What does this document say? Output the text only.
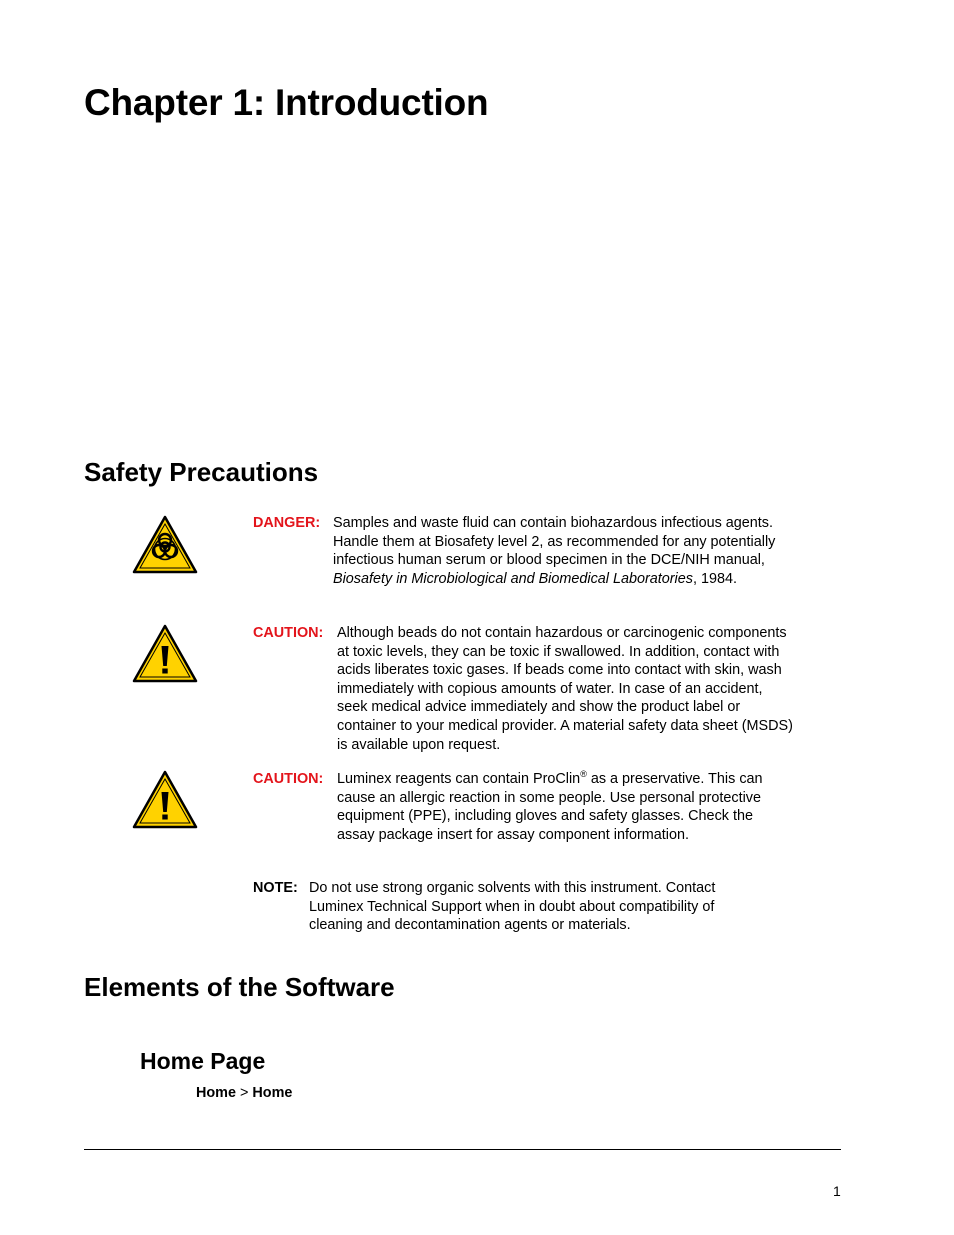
Chapter 1: Introduction
Safety Precautions
DANGER: Samples and waste fluid can contain biohazardous infectious agents. Handle them at Biosafety level 2, as recommended for any potentially infectious human serum or blood specimen in the DCE/NIH manual, Biosafety in Microbiological and Biomedical Laboratories, 1984.

CAUTION: Although beads do not contain hazardous or carcinogenic components at toxic levels, they can be toxic if swallowed. In addition, contact with acids liberates toxic gases. If beads come into contact with skin, wash immediately with copious amounts of water. In case of an accident, seek medical advice immediately and show the product label or container to your medical provider. A material safety data sheet (MSDS) is available upon request.

CAUTION: Luminex reagents can contain ProClin® as a preservative. This can cause an allergic reaction in some people. Use personal protective equipment (PPE), including gloves and safety glasses. Check the assay package insert for assay component information.

NOTE: Do not use strong organic solvents with this instrument. Contact Luminex Technical Support when in doubt about compatibility of cleaning and decontamination agents or materials.

Elements of the Software
Home Page
Home > Home
1
